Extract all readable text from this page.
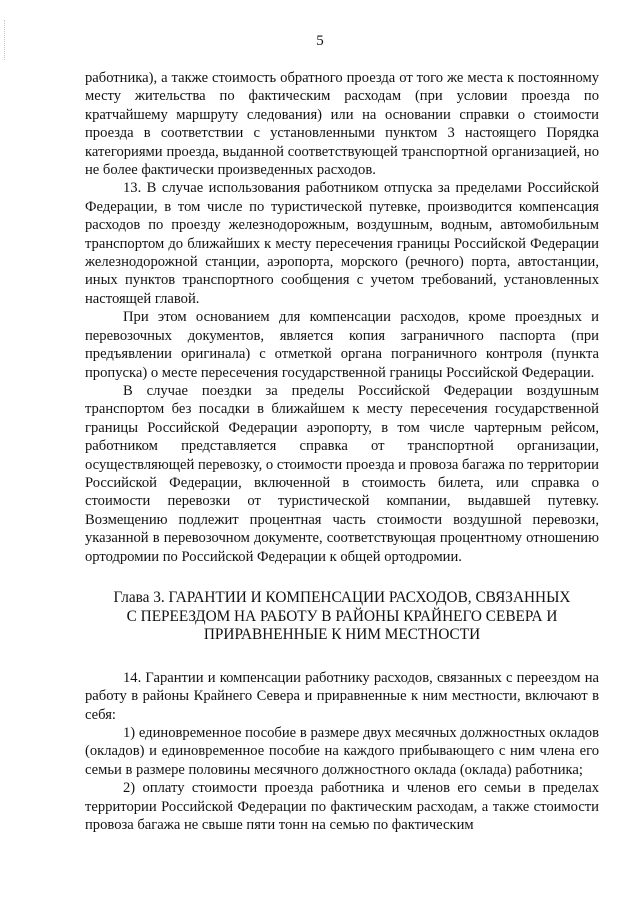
5

работника), а также стоимость обратного проезда от того же места к постоянному месту жительства по фактическим расходам (при условии проезда по кратчайшему маршруту следования) или на основании справки о стоимости проезда в соответствии с установленными пунктом 3 настоящего Порядка категориями проезда, выданной соответствующей транспортной организацией, но не более фактически произведенных расходов.

13. В случае использования работником отпуска за пределами Российской Федерации, в том числе по туристической путевке, производится компенсация расходов по проезду железнодорожным, воздушным, водным, автомобильным транспортом до ближайших к месту пересечения границы Российской Федерации железнодорожной станции, аэропорта, морского (речного) порта, автостанции, иных пунктов транспортного сообщения с учетом требований, установленных настоящей главой.

При этом основанием для компенсации расходов, кроме проездных и перевозочных документов, является копия заграничного паспорта (при предъявлении оригинала) с отметкой органа пограничного контроля (пункта пропуска) о месте пересечения государственной границы Российской Федерации.

В случае поездки за пределы Российской Федерации воздушным транспортом без посадки в ближайшем к месту пересечения государственной границы Российской Федерации аэропорту, в том числе чартерным рейсом, работником представляется справка от транспортной организации, осуществляющей перевозку, о стоимости проезда и провоза багажа по территории Российской Федерации, включенной в стоимость билета, или справка о стоимости перевозки от туристической компании, выдавшей путевку. Возмещению подлежит процентная часть стоимости воздушной перевозки, указанной в перевозочном документе, соответствующая процентному отношению ортодромии по Российской Федерации к общей ортодромии.

Глава 3. ГАРАНТИИ И КОМПЕНСАЦИИ РАСХОДОВ, СВЯЗАННЫХ
С ПЕРЕЕЗДОМ НА РАБОТУ В РАЙОНЫ КРАЙНЕГО СЕВЕРА И
ПРИРАВНЕННЫЕ К НИМ МЕСТНОСТИ

14. Гарантии и компенсации работнику расходов, связанных с переездом на работу в районы Крайнего Севера и приравненные к ним местности, включают в себя:

1) единовременное пособие в размере двух месячных должностных окладов (окладов) и единовременное пособие на каждого прибывающего с ним члена его семьи в размере половины месячного должностного оклада (оклада) работника;

2) оплату стоимости проезда работника и членов его семьи в пределах территории Российской Федерации по фактическим расходам, а также стоимости провоза багажа не свыше пяти тонн на семью по фактическим
